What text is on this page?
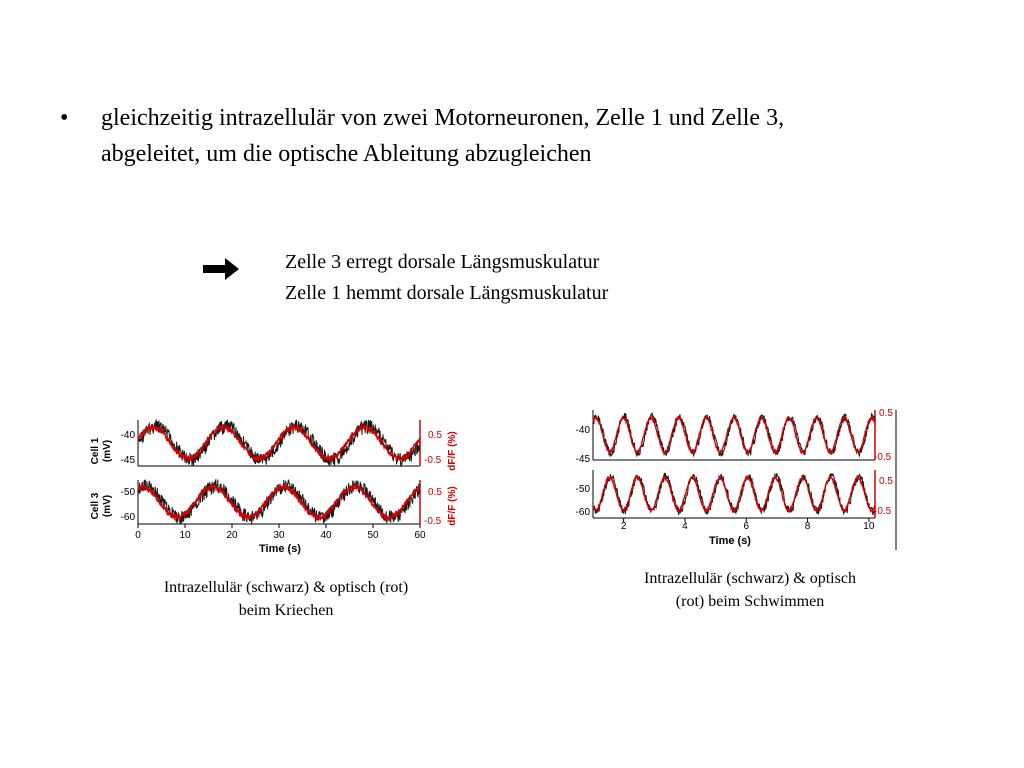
• gleichzeitig intrazellulär von zwei Motorneuronen, Zelle 1 und Zelle 3,
abgeleitet, um die optische Ableitung abzugleichen
Zelle 3 erregt dorsale Längsmuskulatur
Zelle 1 hemmt dorsale Längsmuskulatur
Cell 1 (mV)
Cell 3 (mV)
-40
-45
-50
-60
0.5
-0.5
0.5
-0.5
dF/F (%)
dF/F (%)
0	10	20	30	40	50	60
Time (s)
-40
-45
-50
-60
0.5
-0.5
0.5
-0.5
2	4	6	8	10
Time (s)
Intrazellulär (schwarz) & optisch (rot)
beim Kriechen
Intrazellulär (schwarz) & optisch
(rot) beim Schwimmen
